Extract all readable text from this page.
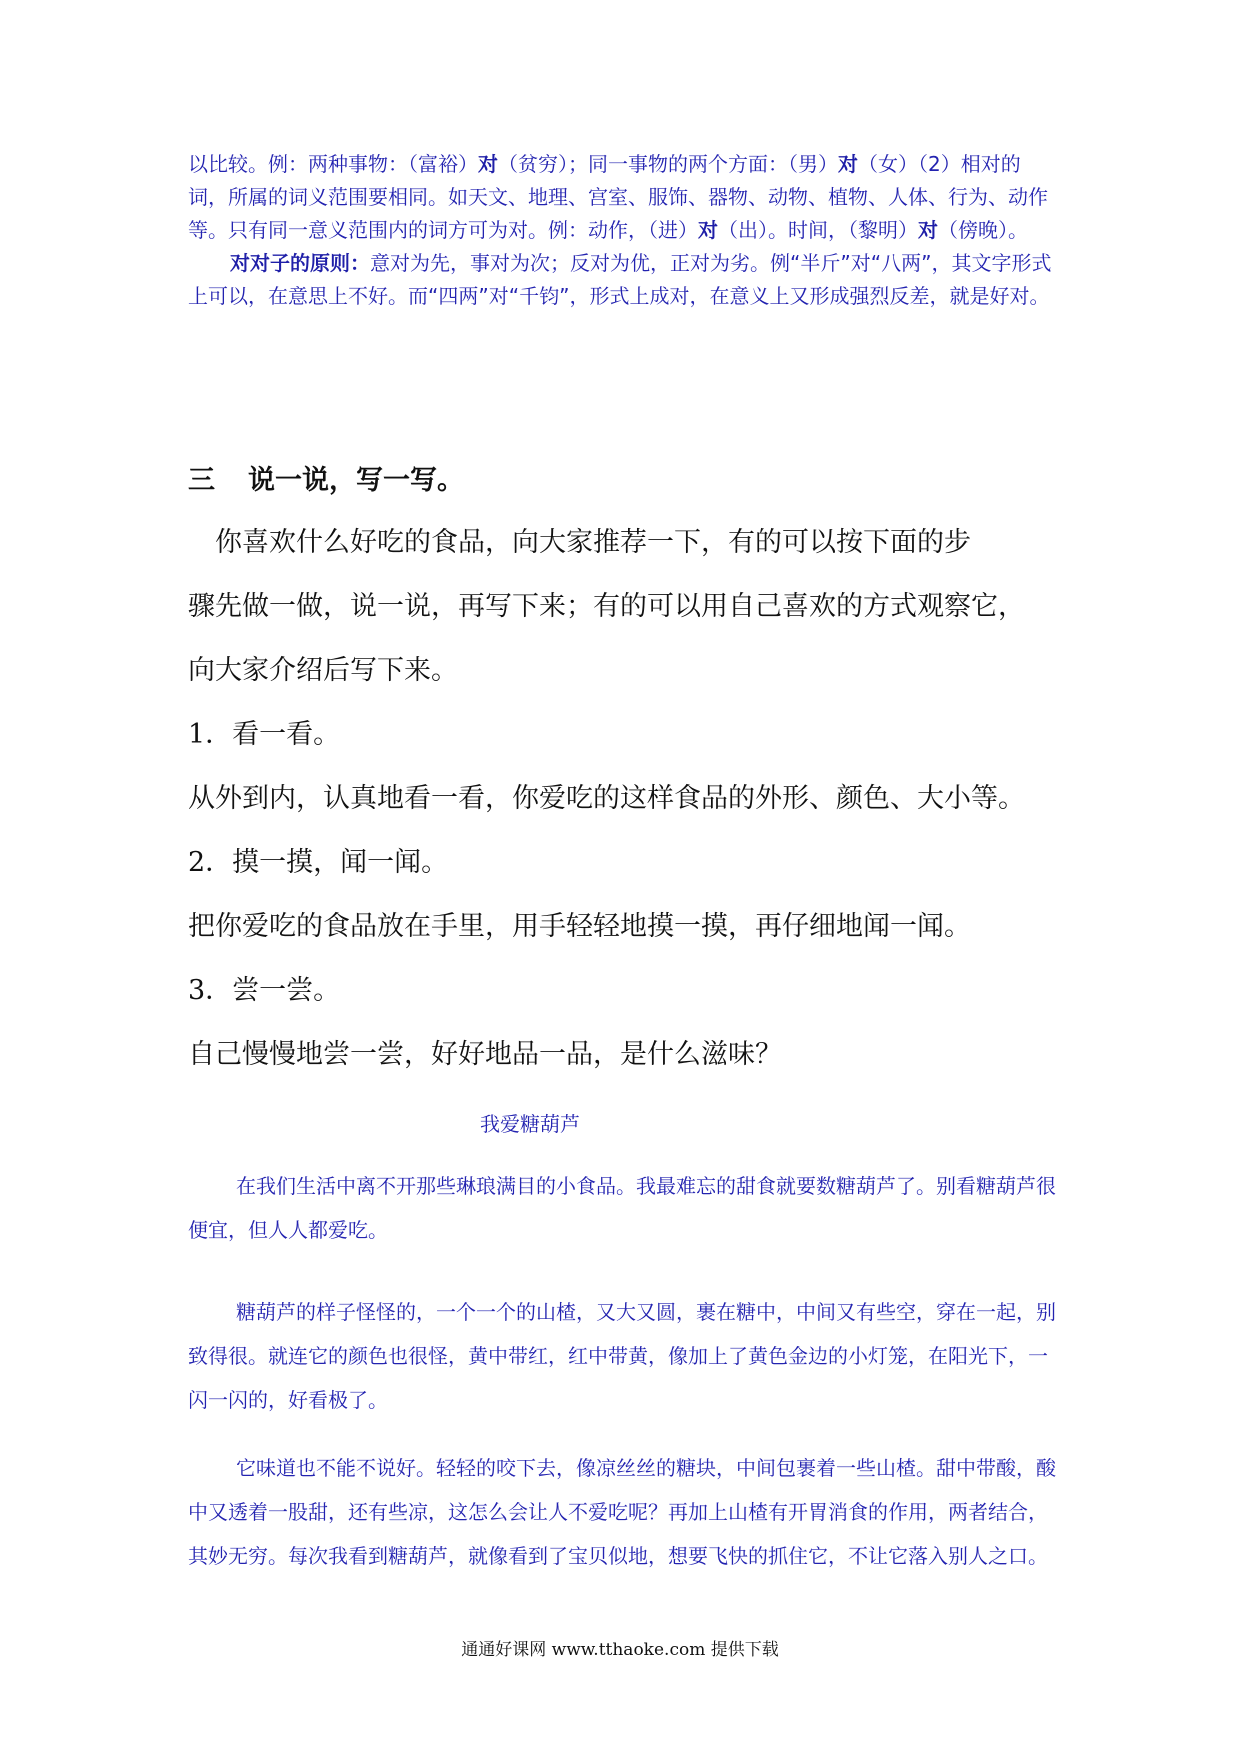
以比较。例：两种事物：（富裕）对（贫穷）；同一事物的两个方面：（男）对（女）（2）相对的词，所属的词义范围要相同。如天文、地理、宫室、服饰、器物、动物、植物、人体、行为、动作等。只有同一意义范围内的词方可为对。例：动作，（进）对（出）。时间，（黎明）对（傍晚）。

对对子的原则：意对为先，事对为次；反对为优，正对为劣。例“半斤”对“八两”，其文字形式上可以，在意思上不好。而“四两”对“千钧”，形式上成对，在意义上又形成强烈反差，就是好对。

三 说一说，写一写。
　你喜欢什么好吃的食品，向大家推荐一下，有的可以按下面的步
骤先做一做，说一说，再写下来；有的可以用自己喜欢的方式观察它，
向大家介绍后写下来。
1．看一看。
从外到内，认真地看一看，你爱吃的这样食品的外形、颜色、大小等。
2．摸一摸，闻一闻。
把你爱吃的食品放在手里，用手轻轻地摸一摸，再仔细地闻一闻。
3．尝一尝。
自己慢慢地尝一尝，好好地品一品，是什么滋味？
我爱糖葫芦

在我们生活中离不开那些琳琅满目的小食品。我最难忘的甜食就要数糖葫芦了。别看糖葫芦很便宜，但人人都爱吃。

糖葫芦的样子怪怪的，一个一个的山楂，又大又圆，裹在糖中，中间又有些空，穿在一起，别致得很。就连它的颜色也很怪，黄中带红，红中带黄，像加上了黄色金边的小灯笼，在阳光下，一闪一闪的，好看极了。

它味道也不能不说好。轻轻的咬下去，像凉丝丝的糖块，中间包裹着一些山楂。甜中带酸，酸中又透着一股甜，还有些凉，这怎么会让人不爱吃呢？再加上山楂有开胃消食的作用，两者结合，其妙无穷。每次我看到糖葫芦，就像看到了宝贝似地，想要飞快的抓住它，不让它落入别人之口。

通通好课网 www.tthaoke.com 提供下载
